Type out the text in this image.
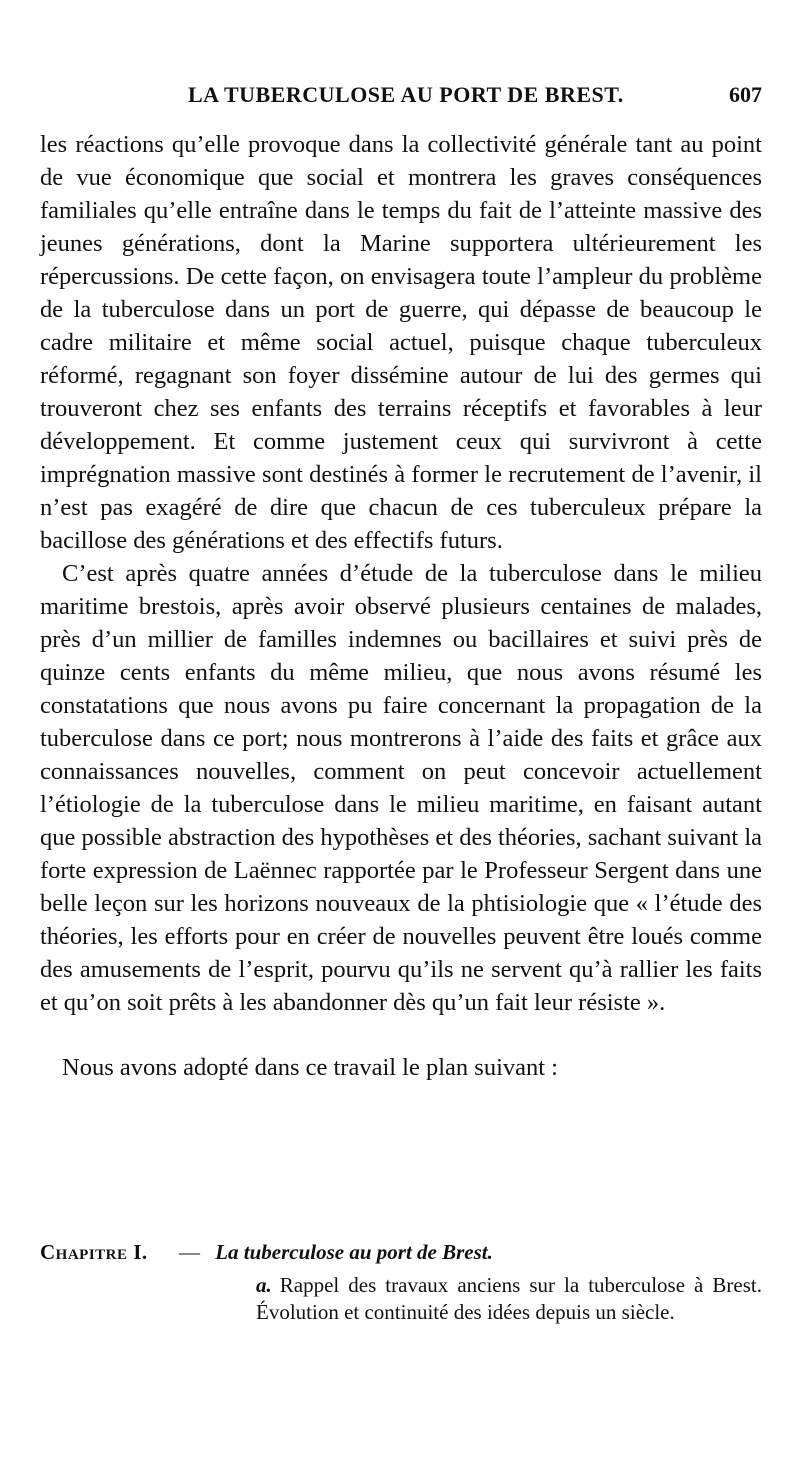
LA TUBERCULOSE AU PORT DE BREST.	607

les réactions qu’elle provoque dans la collectivité générale tant au point de vue économique que social et montrera les graves conséquences familiales qu’elle entraîne dans le temps du fait de l’atteinte massive des jeunes générations, dont la Marine supportera ultérieurement les répercussions. De cette façon, on envisagera toute l’ampleur du problème de la tuberculose dans un port de guerre, qui dépasse de beaucoup le cadre militaire et même social actuel, puisque chaque tuberculeux réformé, regagnant son foyer dissémine autour de lui des germes qui trouveront chez ses enfants des terrains réceptifs et favorables à leur développement. Et comme justement ceux qui survivront à cette imprégnation massive sont destinés à former le recrutement de l’avenir, il n’est pas exagéré de dire que chacun de ces tuberculeux prépare la bacillose des générations et des effectifs futurs.

C’est après quatre années d’étude de la tuberculose dans le milieu maritime brestois, après avoir observé plusieurs centaines de malades, près d’un millier de familles indemnes ou bacillaires et suivi près de quinze cents enfants du même milieu, que nous avons résumé les constatations que nous avons pu faire concernant la propagation de la tuberculose dans ce port; nous montrerons à l’aide des faits et grâce aux connaissances nouvelles, comment on peut concevoir actuellement l’étiologie de la tuberculose dans le milieu maritime, en faisant autant que possible abstraction des hypothèses et des théories, sachant suivant la forte expression de Laënnec rapportée par le Professeur Sergent dans une belle leçon sur les horizons nouveaux de la phtisiologie que « l’étude des théories, les efforts pour en créer de nouvelles peuvent être loués comme des amusements de l’esprit, pourvu qu’ils ne servent qu’à rallier les faits et qu’on soit prêts à les abandonner dès qu’un fait leur résiste ».

Nous avons adopté dans ce travail le plan suivant :

Chapitre I. — La tuberculose au port de Brest.
a. Rappel des travaux anciens sur la tuberculose à Brest. Évolution et continuité des idées depuis un siècle.
